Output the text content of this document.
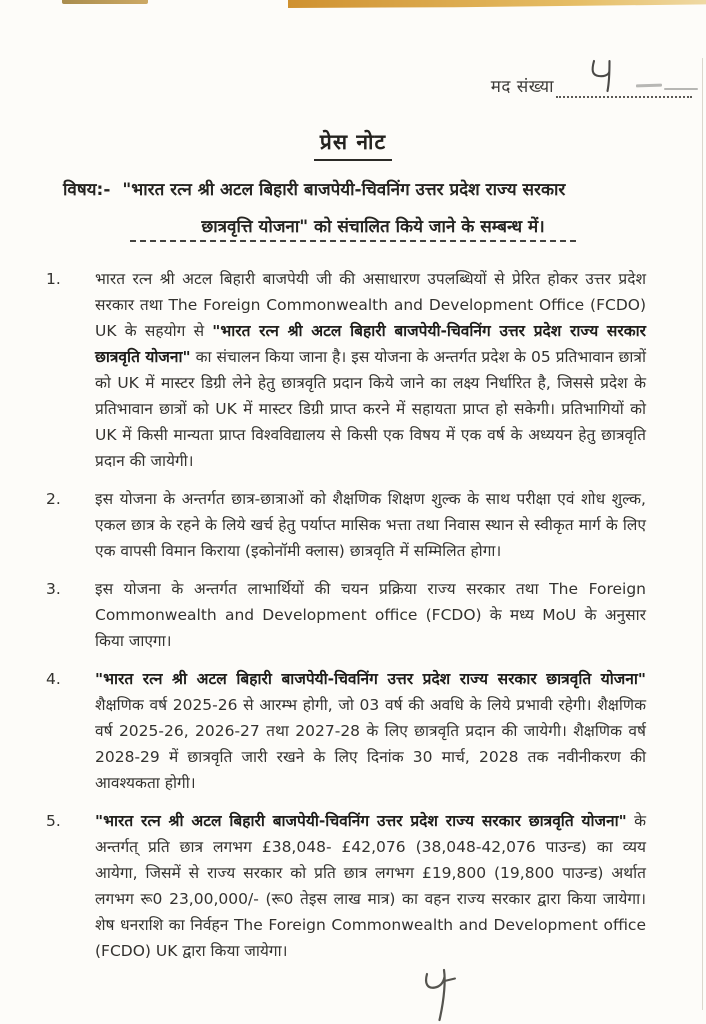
मद संख्या
प्रेस नोट
विषय:- "भारत रत्न श्री अटल बिहारी बाजपेयी-चिवनिंग उत्तर प्रदेश राज्य सरकार
छात्रवृत्ति योजना" को संचालित किये जाने के सम्बन्ध में।
1. भारत रत्न श्री अटल बिहारी बाजपेयी जी की असाधारण उपलब्धियों से प्रेरित होकर उत्तर प्रदेश सरकार तथा The Foreign Commonwealth and Development Office (FCDO) UK के सहयोग से "भारत रत्न श्री अटल बिहारी बाजपेयी-चिवनिंग उत्तर प्रदेश राज्य सरकार छात्रवृति योजना" का संचालन किया जाना है। इस योजना के अन्तर्गत प्रदेश के 05 प्रतिभावान छात्रों को UK में मास्टर डिग्री लेने हेतु छात्रवृति प्रदान किये जाने का लक्ष्य निर्धारित है, जिससे प्रदेश के प्रतिभावान छात्रों को UK में मास्टर डिग्री प्राप्त करने में सहायता प्राप्त हो सकेगी। प्रतिभागियों को UK में किसी मान्यता प्राप्त विश्वविद्यालय से किसी एक विषय में एक वर्ष के अध्ययन हेतु छात्रवृति प्रदान की जायेगी।
2. इस योजना के अन्तर्गत छात्र-छात्राओं को शैक्षणिक शिक्षण शुल्क के साथ परीक्षा एवं शोध शुल्क, एकल छात्र के रहने के लिये खर्च हेतु पर्याप्त मासिक भत्ता तथा निवास स्थान से स्वीकृत मार्ग के लिए एक वापसी विमान किराया (इकोनॉमी क्लास) छात्रवृति में सम्मिलित होगा।
3. इस योजना के अन्तर्गत लाभार्थियों की चयन प्रक्रिया राज्य सरकार तथा The Foreign Commonwealth and Development office (FCDO) के मध्य MoU के अनुसार किया जाएगा।
4. "भारत रत्न श्री अटल बिहारी बाजपेयी-चिवनिंग उत्तर प्रदेश राज्य सरकार छात्रवृति योजना" शैक्षणिक वर्ष 2025-26 से आरम्भ होगी, जो 03 वर्ष की अवधि के लिये प्रभावी रहेगी। शैक्षणिक वर्ष 2025-26, 2026-27 तथा 2027-28 के लिए छात्रवृति प्रदान की जायेगी। शैक्षणिक वर्ष 2028-29 में छात्रवृति जारी रखने के लिए दिनांक 30 मार्च, 2028 तक नवीनीकरण की आवश्यकता होगी।
5. "भारत रत्न श्री अटल बिहारी बाजपेयी-चिवनिंग उत्तर प्रदेश राज्य सरकार छात्रवृति योजना" के अन्तर्गत् प्रति छात्र लगभग £38,048- £42,076 (38,048-42,076 पाउन्ड) का व्यय आयेगा, जिसमें से राज्य सरकार को प्रति छात्र लगभग £19,800 (19,800 पाउन्ड) अर्थात लगभग रू0 23,00,000/- (रू0 तेइस लाख मात्र) का वहन राज्य सरकार द्वारा किया जायेगा। शेष धनराशि का निर्वहन The Foreign Commonwealth and Development office (FCDO) UK द्वारा किया जायेगा।
